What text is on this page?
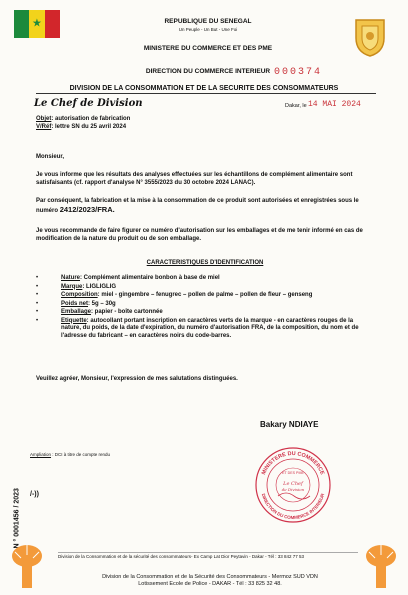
★	REPUBLIQUE DU SENEGAL
Un Peuple - Un But - Une Foi
MINISTERE DU COMMERCE ET DES PME
DIRECTION DU COMMERCE INTERIEUR 000374
DIVISION DE LA CONSOMMATION ET DE LA SECURITE DES CONSOMMATEURS
Le Chef de Division	Dakar, le 14 MAI 2024
Objet: autorisation de fabrication
V/Réf: lettre SN du 25 avril 2024
Monsieur,
Je vous informe que les résultats des analyses effectuées sur les échantillons de complément alimentaire sont satisfaisants (cf. rapport d'analyse N° 3555/2023 du 30 octobre 2024 LANAC).
Par conséquent, la fabrication et la mise à la consommation de ce produit sont autorisées et enregistrées sous le numéro 2412/2023/FRA.
Je vous recommande de faire figurer ce numéro d'autorisation sur les emballages et de me tenir informé en cas de modification de la nature du produit ou de son emballage.
CARACTERISTIQUES D'IDENTIFICATION
•	Nature: Complément alimentaire bonbon à base de miel
•	Marque: LIGLIGLIG
•	Composition: miel - gingembre – fenugrec – pollen de palme – pollen de fleur – genseng
•	Poids net: 5g – 30g
•	Emballage: papier - boîte cartonnée
•	Etiquette: autocollant portant inscription en caractères verts de la marque - en caractères rouges de la nature, du poids, de la date d'expiration, du numéro d'autorisation FRA, de la composition, du nom et de l'adresse du fabricant – en caractères noirs du code-barres.
Veuillez agréer, Monsieur, l'expression de mes salutations distinguées.
Bakary NDIAYE
Ampliation : DCI à titre de compte rendu
N ° 0001456 / 2023 /-))
MINISTERE DU COMMERCE
DIRECTION DU COMMERCE INTERIEUR
ET DES PME
Le Chef
de Division
Division de la Consommation et de la sécurité des consommateurs- Ex Camp Lat Dior Peytavin - Dakar - Tél : 33 842 77 53
Division de la Consommation et de la Sécurité des Consommateurs - Mermoz SUD VDN
Lotissement Ecole de Police - DAKAR - Tél : 33 825 32 48.
